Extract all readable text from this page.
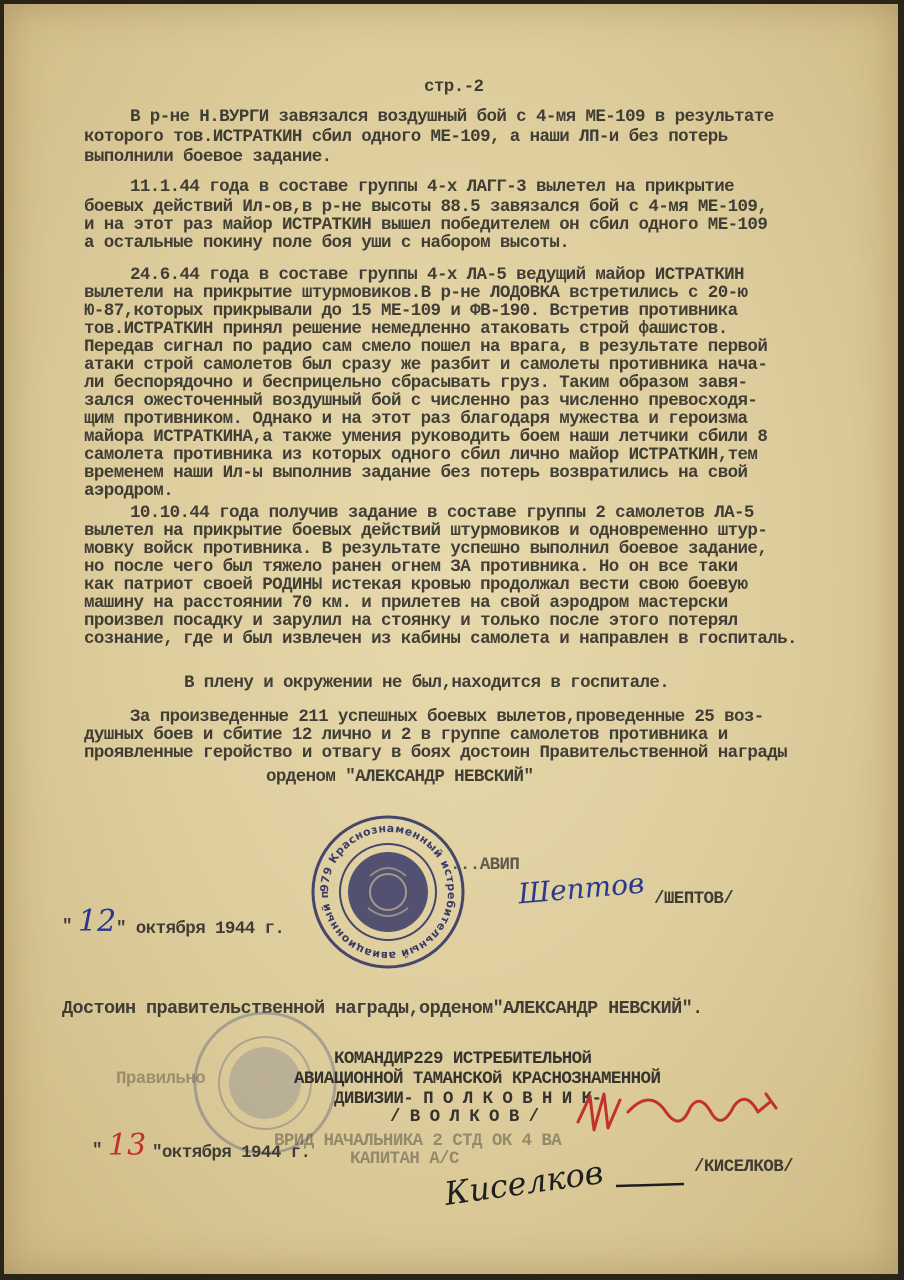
стр.-2
В р-не Н.ВУРГИ завязался воздушный бой с 4-мя МЕ-109 в результате
которого тов.ИСТРАТКИН сбил одного МЕ-109, а наши ЛП-и без потерь
выполнили боевое задание.
11.1.44 года в составе группы 4-х ЛАГГ-3 вылетел на прикрытие
боевых действий Ил-ов,в р-не высоты 88.5 завязался бой с 4-мя МЕ-109,
и на этот раз майор ИСТРАТКИН вышел победителем он сбил одного МЕ-109
а остальные покину поле боя уши с набором высоты.
24.6.44 года в составе группы 4-х ЛА-5 ведущий майор ИСТРАТКИН
вылетели на прикрытие штурмовиков.В р-не ЛОДОВКА встретились с 20-ю
Ю-87,которых прикрывали до 15 МЕ-109 и ФВ-190. Встретив противника
тов.ИСТРАТКИН принял решение немедленно атаковать строй фашистов.
Передав сигнал по радио сам смело пошел на врага, в результате первой
атаки строй самолетов был сразу же разбит и самолеты противника нача-
ли беспорядочно и бесприцельно сбрасывать груз. Таким образом завя-
зался ожесточенный воздушный бой с численно раз численно превосходя-
щим противником. Однако и на этот раз благодаря мужества и героизма
майора ИСТРАТКИНА,а также умения руководить боем наши летчики сбили 8
самолета противника из которых одного сбил лично майор ИСТРАТКИН,тем
временем наши Ил-ы выполнив задание без потерь возвратились на свой
аэродром.
10.10.44 года получив задание в составе группы 2 самолетов ЛА-5
вылетел на прикрытие боевых действий штурмовиков и одновременно штур-
мовку войск противника. В результате успешно выполнил боевое задание,
но после чего был тяжело ранен огнем ЗА противника. Но он все таки
как патриот своей РОДИНЫ истекая кровью продолжал вести свою боевую
машину на расстоянии 70 км. и прилетев на свой аэродром мастерски
произвел посадку и зарулил на стоянку и только после этого потерял
сознание, где и был извлечен из кабины самолета и направлен в госпиталь.
В плену и окружении не был,находится в госпитале.
За произведенные 211 успешных боевых вылетов,проведенные 25 воз-
душных боев и сбитие 12 лично и 2 в группе самолетов противника и
проявленные геройство и отвагу в боях достоин Правительственной награды
орденом "АЛЕКСАНДР НЕВСКИЙ"
979 Краснознаменный истребительный авиационный полк
...АВИП
Шептов /ШЕПТОВ/
" 12 " октября 1944 г.
Достоин правительственной награды,орденом"АЛЕКСАНДР НЕВСКИЙ".
Правильно
ВРИД НАЧАЛЬНИКА 2 СТД ОК 4 ВА
КАПИТАН А/С
КОМАНДИР229 ИСТРЕБИТЕЛЬНОй
АВИАЦИОННОЙ ТАМАНСКОй КРАСНОЗНАМЕННОЙ
ДИВИЗИИ- П О Л К О В Н И К-
/ В О Л К О В /
" 13 "октября 1944 г.
Киселков	/КИСЕЛКОВ/
